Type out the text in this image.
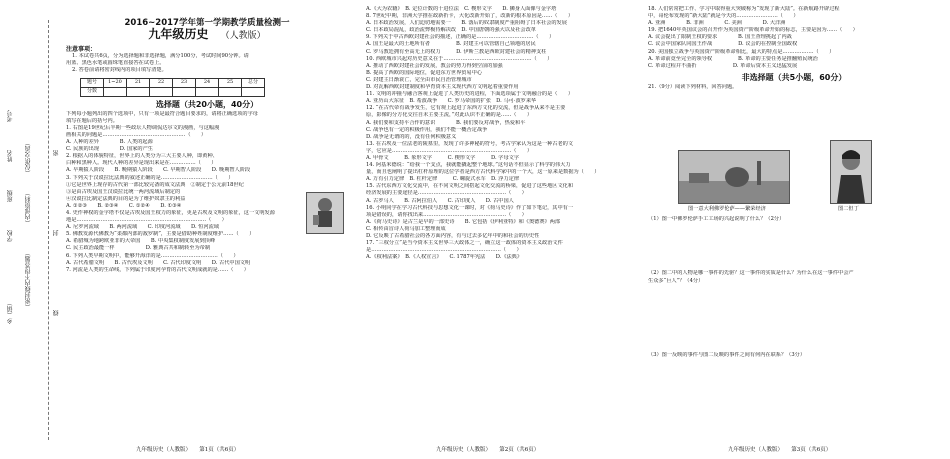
乡（镇）
学校
班级
姓名
考号
（密封线内不得答题）
（内部资料）
（仅供交流）	密
封
线
2016~2017学年第一学期教学质量检测一
九年级历史 （人教版）
注意事项：
1. 本试卷共6页，分为选择题和非选择题，满分100分，考试时间90分钟。请
用蓝、黑色水笔或圆珠笔直接答在试卷上。
2. 答卷前请将密封线内的项目填写清楚。
题号	1~20	21	22	23	24	25	总分
分数							
选择题（共20小题，40分）
下列每小题列出的四个选项中，只有一项是最符合题目要求的，请将正确选项的字母
填写在题后的括号内。
1. 右图是19世纪后半期一些政坛人物调侃达尔文的漫画，与这幅漫
画相关的问题是…………………………………………（　　）
A. 人种的差异　　　　B. 人类的起源
C. 民族的出现　　　　D. 国家的产生
2. 根据人的体貌特征，世界上的人类分为三大主要人种，即黄种、
白种和黑种人。现代人种的差异是现出来是在……………（　　）
A. 早期猿人阶段　　B. 晚期猿人阶段　　C. 早期智人阶段　　D. 晚期智人阶段
3. 下列关于汉谟拉比法典的叙述正确的是…………………………（　　）
①它是世界上现存的古代第一部比较完备的成文法典　②制定于公元前18世纪
③是由古埃及国王汉谟拉比统一两河流域后制定的
④汉谟拉比制定法典的目的是为了维护奴隶主的利益
A. ①②③　　B. ②③④　　C. ①②④　　D. ①③④
4. 史作神权的金字塔不仅是古埃及国王权力的象征，更是古埃及文明的象征，这一文明发源
地是…………………………………………………………………（　　）
A. 尼罗河流域　　B. 两河流域　　C. 印度河流域　　D. 恒河流域
5. 佛教发源代佛教为“柔都内部的敌罗制”，主要是借助种姓制度维护……（　　）
A. 希腊城为地跨欧亚非的大帝国　　B. 中央集权制度发展到顶峰
C. 民主政治最能一样　　　　　　D. 雅典古共和制转至为帝制
6. 下列人类早期文明中，能够开海洋的是……………………………（　　）
A. 古代希腊文明　　B. 古代埃及文明　　C. 古代印度文明　　D. 古代中国文明
7. 河流是人类的生命线，下列属于印度河孕育的古代文明成就的是……（　　）
九年级历史（人教版）　　第1页（共6页）
A.《大为农籍》　B. 定位计数的十进位法　C. 楔形文字　　D. 狮身人面像与金字塔
8. 7世纪中期，非洲大学推在政新折卡，大化改新开始了，改新的根本原因是……（　　）
A. 日本政治发展，人们迫切地需要一　　B. 落后的奴隶制度严重阻碍了日本社会的发展
C. 日本政局混乱，政治流弊极待解决改　D. 中国唐朝的强大以及社会改革
9. 下列关于中古西欧封建社会的描述，正确的是……………………………（　　）
A. 国王是最大的土地所有者　　　　　B. 封建主可以管辖自己领地的居民
C. 罗马教廷拥有至高无上的权力　　　D. 伊斯兰教是西欧封建社会的精神支柱
10. 西欧城市兴起对历史意义在于……………………………………………（　　）
A. 推动了西欧封建社会的发展，教会的势力得到空前的加强
B. 提高了西欧的国际地位，促进东方世界贸易中心
C. 封建主日渐衰亡，完全由市民自治管理城市
D. 对瓦解西欧封建制度和孕育资本主义现代西方文明起着重要作用
11. 文明的冲撞与融合客观上促进了人类历史的进程，下面选项属于文明融合的是（　　）
A. 亚历山大东征　B. 希波战争　　C. 罗马帝国的扩张　D. 马可·波罗来华
12. “在古代帝有战争发生，它有观上起进了东西方文化的交流，但是战争从来不是主要
原，影像的分方化交往自未主要主流，”对此认识不正确的是……（　　）
A. 我们要和支持平合作的意识　　　　B. 我们要反对战争，热爱和平
C. 战争也有一定的积极作用，我们不能一概否定战争
D. 战争是无谓的的，没有任何积极意义
13. 在古埃及一位法老的陵墓里，发现了许多神秘的符号，考古学家认为这是一种古老的文
字，它应是……………………………………………………………（　　）
A. 甲骨文　　　B. 象形文字　　　C. 楔形文字　　　D. 字母文字
14. 阿基米德说：“给我一个支点，我就能撬起整个地球。”这句话不但显示了科学的伟大力
量，而且也阐明了提出杠杆原理的这位学者是西方古代科学家中的一个大，这一原来是数据为（　　）
A. 万有引力定律　B. 杠杆定律　　　C. 螺旋式水车　D. 浮力定律
15. 古代东西方文化交流中，在不同文明之间搭起文化交流的桥梁，促进了这些地区文化和
经济发展的主要途径是……………………………………………（　　）
A. 古罗马人　　B. 古阿拉伯人　　C. 古印度人　　D. 古中国人
16. 小明同学在学习古代科技与思想文化一课时，对《荷马史诗》作了如下笔记，其中有一
项是错误的，请你找出来…………………………………………（　　）
A.《荷马史诗》是古兰是早的一部史诗　　B. 它包括《伊利亚特》和《奥德赛》两部
C. 相传由盲诗人荷马加工整理而成
D. 它反映了古希腊社会的各方面内容，有与过去多亿年中的和社会的历史性
17. “三权分立”是当今资本主义世界三大政体之一，确立这一政体的资本主义政治文件
是…………………………………………………………………（　　）
A.《权利法案》　B.《人权宣言》　　C. 1787年宪法　　D.《法典》
九年级历史（人教版）　　第2页（共6页）
18. 人们常常把工作、学习中取得重大突破称为“发现了新大陆”。在新航路开辟过程
中，哥伦布发现的“新大陆”就是今天的……………………（　　）
A. 亚洲　　　　B. 非洲　　　　C. 美洲　　　　D. 大洋洲
19. 把1640年英国议会的召开作为英国资产阶级革命开始的标志，主要是因为……（　　）
A. 议会提出了限制王权的要求　　　　B. 国王查理挑起了内战
C. 议会中国家队同国王作战　　　　　D. 议会的在控制全国政权
20. 美国独立战争与英国资产阶级革命相比，最大的特点是………………（　　）
A. 革命前竟至完全的领导权　　　　　B. 革命的主要任务是推翻殖民统治
C. 革命过程并不曲折　　　　　　　D. 革命后资本主义迅猛发展
非选择题（共5小题，60分）
21.（9分）阅读下列材料，回答问题。
图一意大利佛罗伦萨——繁荣经济	图二但丁
（1）图一中佛罗伦萨手工工场的兴起说明了什么？（2分）
（2）图二中的人物是哪一事件的先驱？这一事件的实质是什么？为什么在这一事件中会产
生众多“巨人”？（4分）
（3）图一反映的事件与图二反映的事件之间有何内在联系？（3分）
九年级历史（人教版）　　第3页（共6页）
